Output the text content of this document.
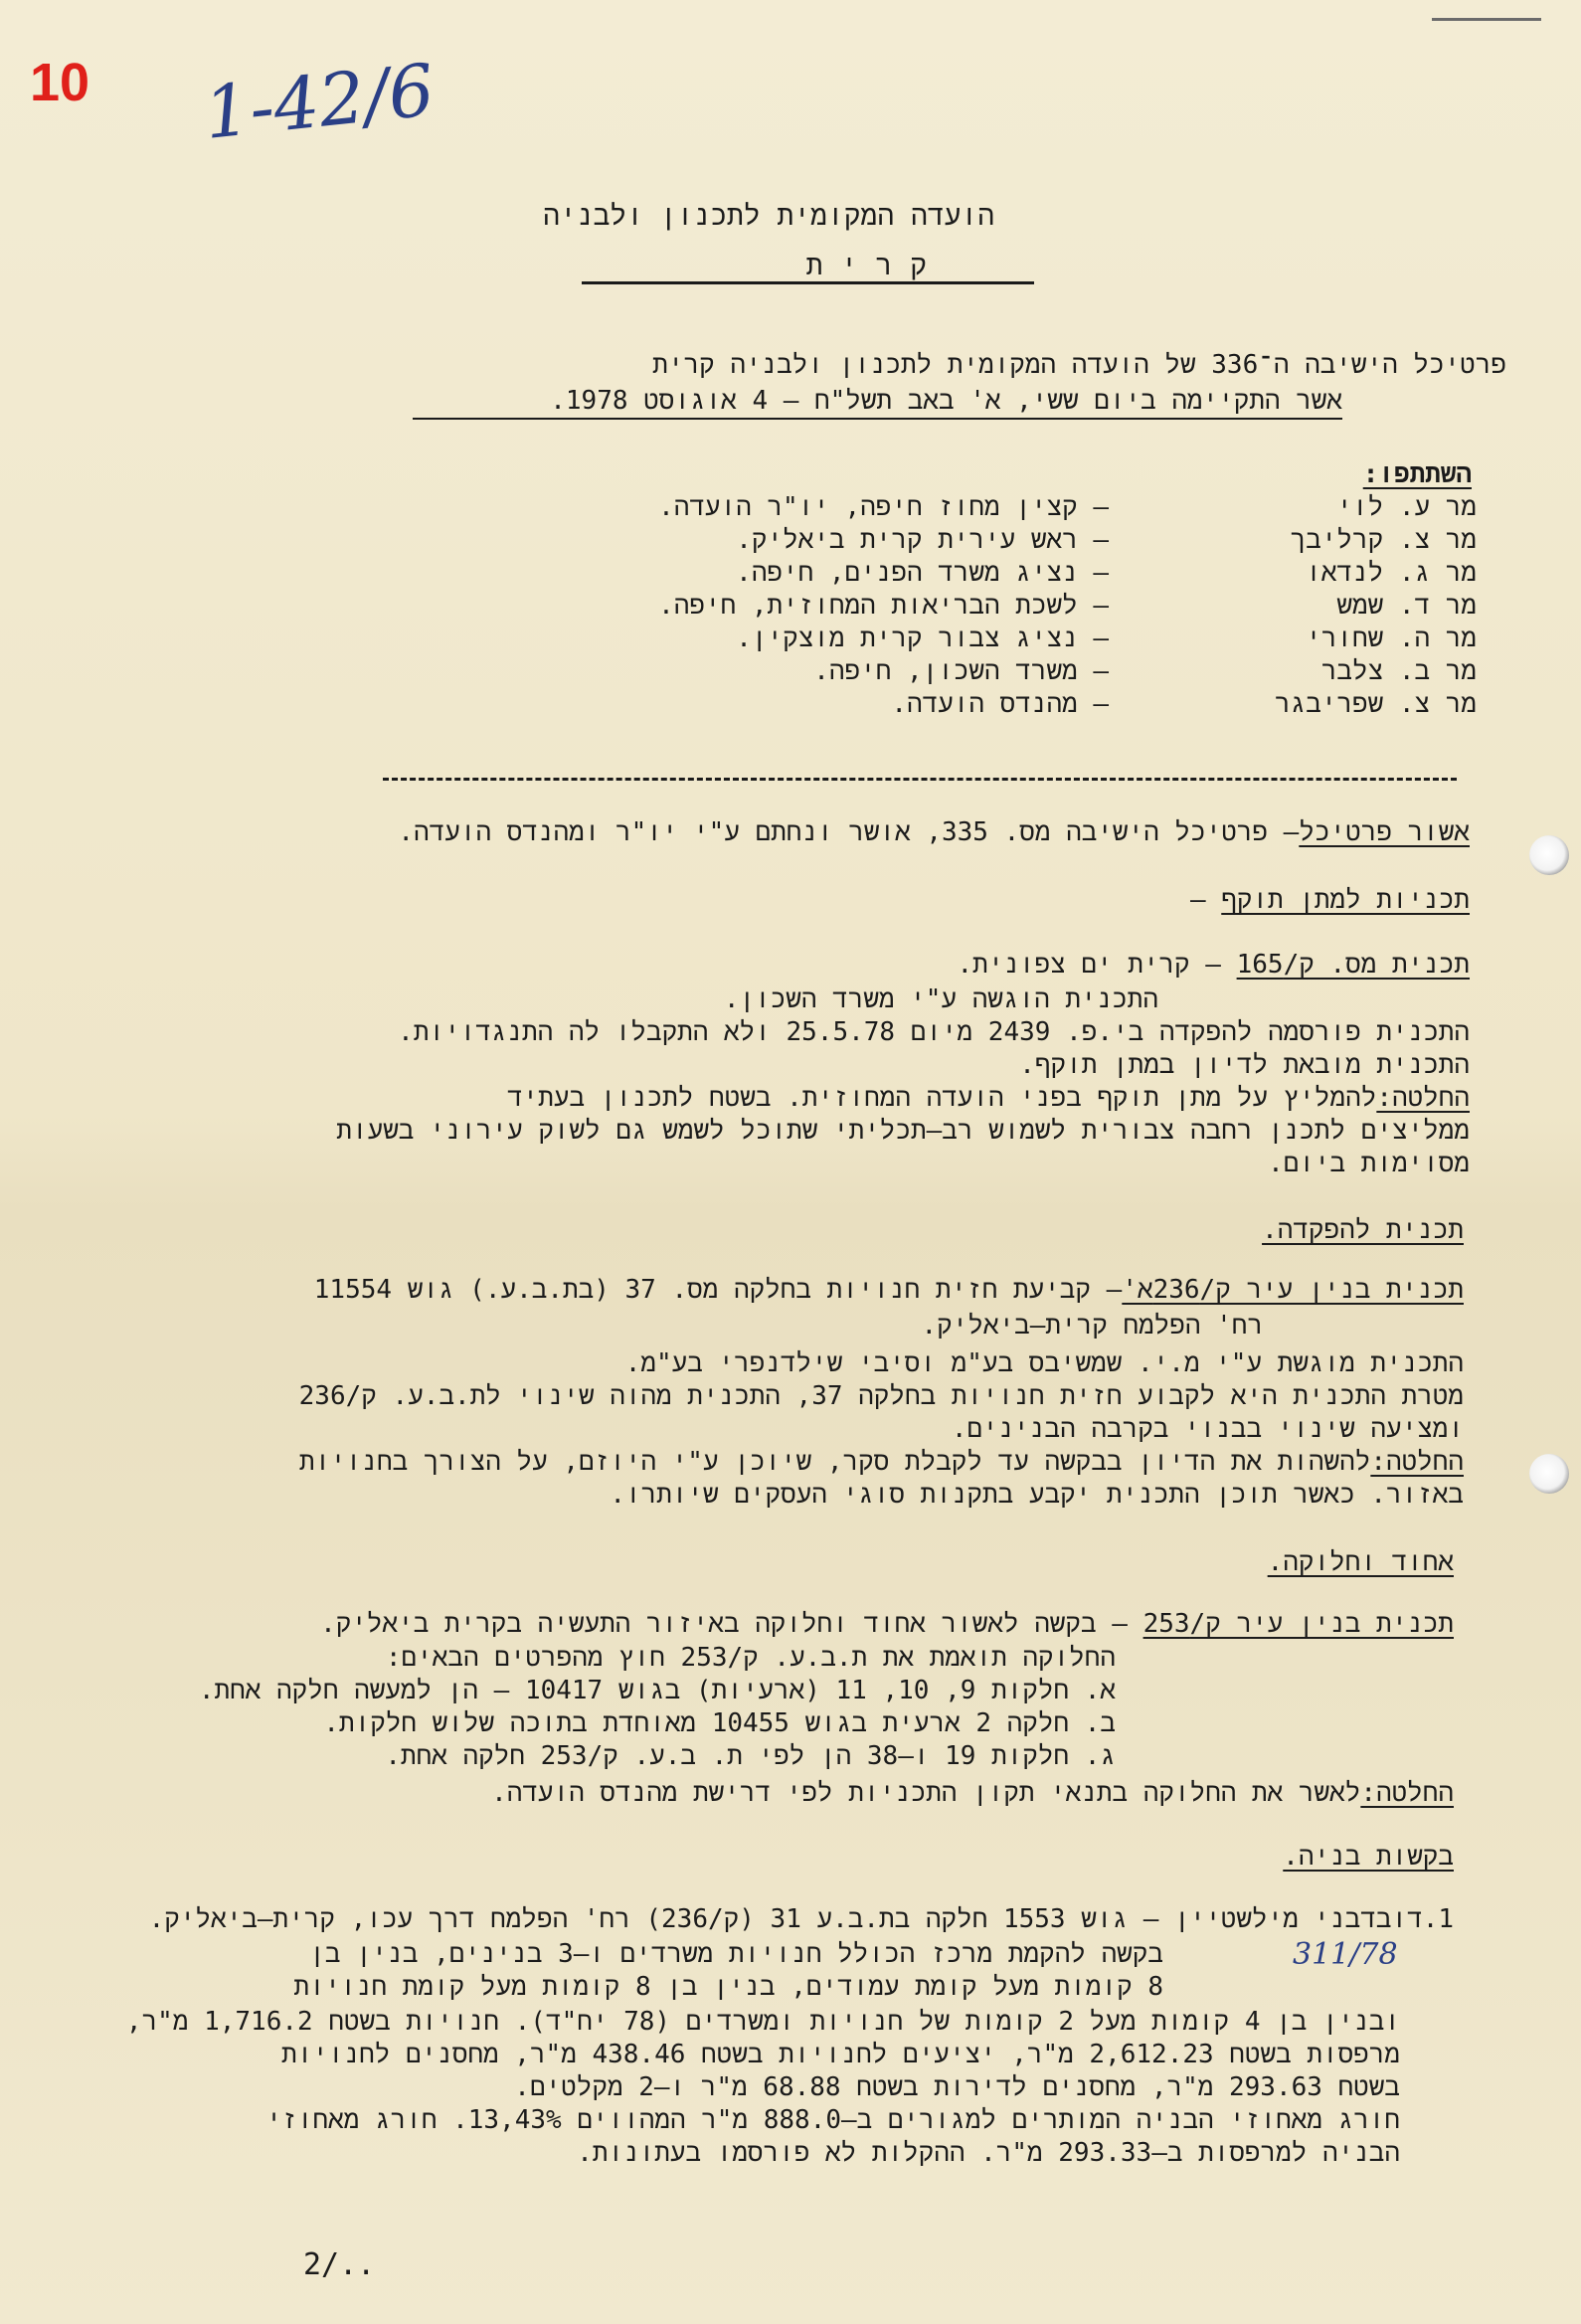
10 1-42/6
הועדה המקומית לתכנון ולבניה
קרית
פרטיכל הישיבה ה־336 של הועדה המקומית לתכנון ולבניה קרית
אשר התקיימה ביום ששי, א' באב תשל"ח – 4 אוגוסט 1978.
השתתפו:
מר ע. לוי
– קצין מחוז חיפה, יו"ר הועדה.
מר צ. קרליבך
– ראש עירית קרית ביאליק.
מר ג. לנדאו
– נציג משרד הפנים, חיפה.
מר ד. שמש
– לשכת הבריאות המחוזית, חיפה.
מר ה. שחורי
– נציג צבור קרית מוצקין.
מר ב. צלבר
– משרד השכון, חיפה.
מר צ. שפריבגר
– מהנדס הועדה.
אשור פרטיכל– פרטיכל הישיבה מס. 335, אושר ונחתם ע"י יו"ר ומהנדס הועדה.
תכניות למתן תוקף –
תכנית מס. ק/165 – קרית ים צפונית.
התכנית הוגשה ע"י משרד השכון.
התכנית פורסמה להפקדה בי.פ. 2439 מיום 25.5.78 ולא התקבלו לה התנגדויות.
התכנית מובאת לדיון במתן תוקף.
החלטה:להמליץ על מתן תוקף בפני הועדה המחוזית. בשטח לתכנון בעתיד
ממליצים לתכנן רחבה צבורית לשמוש רב–תכליתי שתוכל לשמש גם לשוק עירוני בשעות
מסוימות ביום.
תכנית להפקדה.
תכנית בנין עיר ק/236א'– קביעת חזית חנויות בחלקה מס. 37 (בת.ב.ע.) גוש 11554
רח' הפלמח קרית–ביאליק.
התכנית מוגשת ע"י מ.י. שמשיבס בע"מ וסיבי שילדנפרי בע"מ.
מטרת התכנית היא לקבוע חזית חנויות בחלקה 37, התכנית מהוה שינוי לת.ב.ע. ק/236
ומציעה שינוי בבנוי בקרבה הבנינים.
החלטה:להשהות את הדיון בבקשה עד לקבלת סקר, שיוכן ע"י היוזם, על הצורך בחנויות
באזור. כאשר תוכן התכנית יקבע בתקנות סוגי העסקים שיותרו.
אחוד וחלוקה.
תכנית בנין עיר ק/253 – בקשה לאשור אחוד וחלוקה באיזור התעשיה בקרית ביאליק.
החלוקה תואמת את ת.ב.ע. ק/253 חוץ מהפרטים הבאים:
א. חלקות 9, 10, 11 (ארעיות) בגוש 10417 – הן למעשה חלקה אחת.
ב. חלקה 2 ארעית בגוש 10455 מאוחדת בתוכה שלוש חלקות.
ג. חלקות 19 ו–38 הן לפי ת. ב.ע. ק/253 חלקה אחת.
החלטה:לאשר את החלוקה בתנאי תקון התכניות לפי דרישת מהנדס הועדה.
בקשות בניה.
1.דובדבני מילשטיין – גוש 1553 חלקה בת.ב.ע 31 (ק/236) רח' הפלמח דרך עכו, קרית–ביאליק.
311/78
בקשה להקמת מרכז הכולל חנויות משרדים ו–3 בנינים, בנין בן
8 קומות מעל קומת עמודים, בנין בן 8 קומות מעל קומת חנויות
ובנין בן 4 קומות מעל 2 קומות של חנויות ומשרדים (78 יח"ד). חנויות בשטח 1,716.2 מ"ר,
מרפסות בשטח 2,612.23 מ"ר, יציעים לחנויות בשטח 438.46 מ"ר, מחסנים לחנויות
בשטח 293.63 מ"ר, מחסנים לדירות בשטח 68.88 מ"ר ו–2 מקלטים.
חורג מאחוזי הבניה המותרים למגורים ב–888.0 מ"ר המהווים 13,43%. חורג מאחוזי
הבניה למרפסות ב–293.33 מ"ר. ההקלות לא פורסמו בעתונות.
2/..
